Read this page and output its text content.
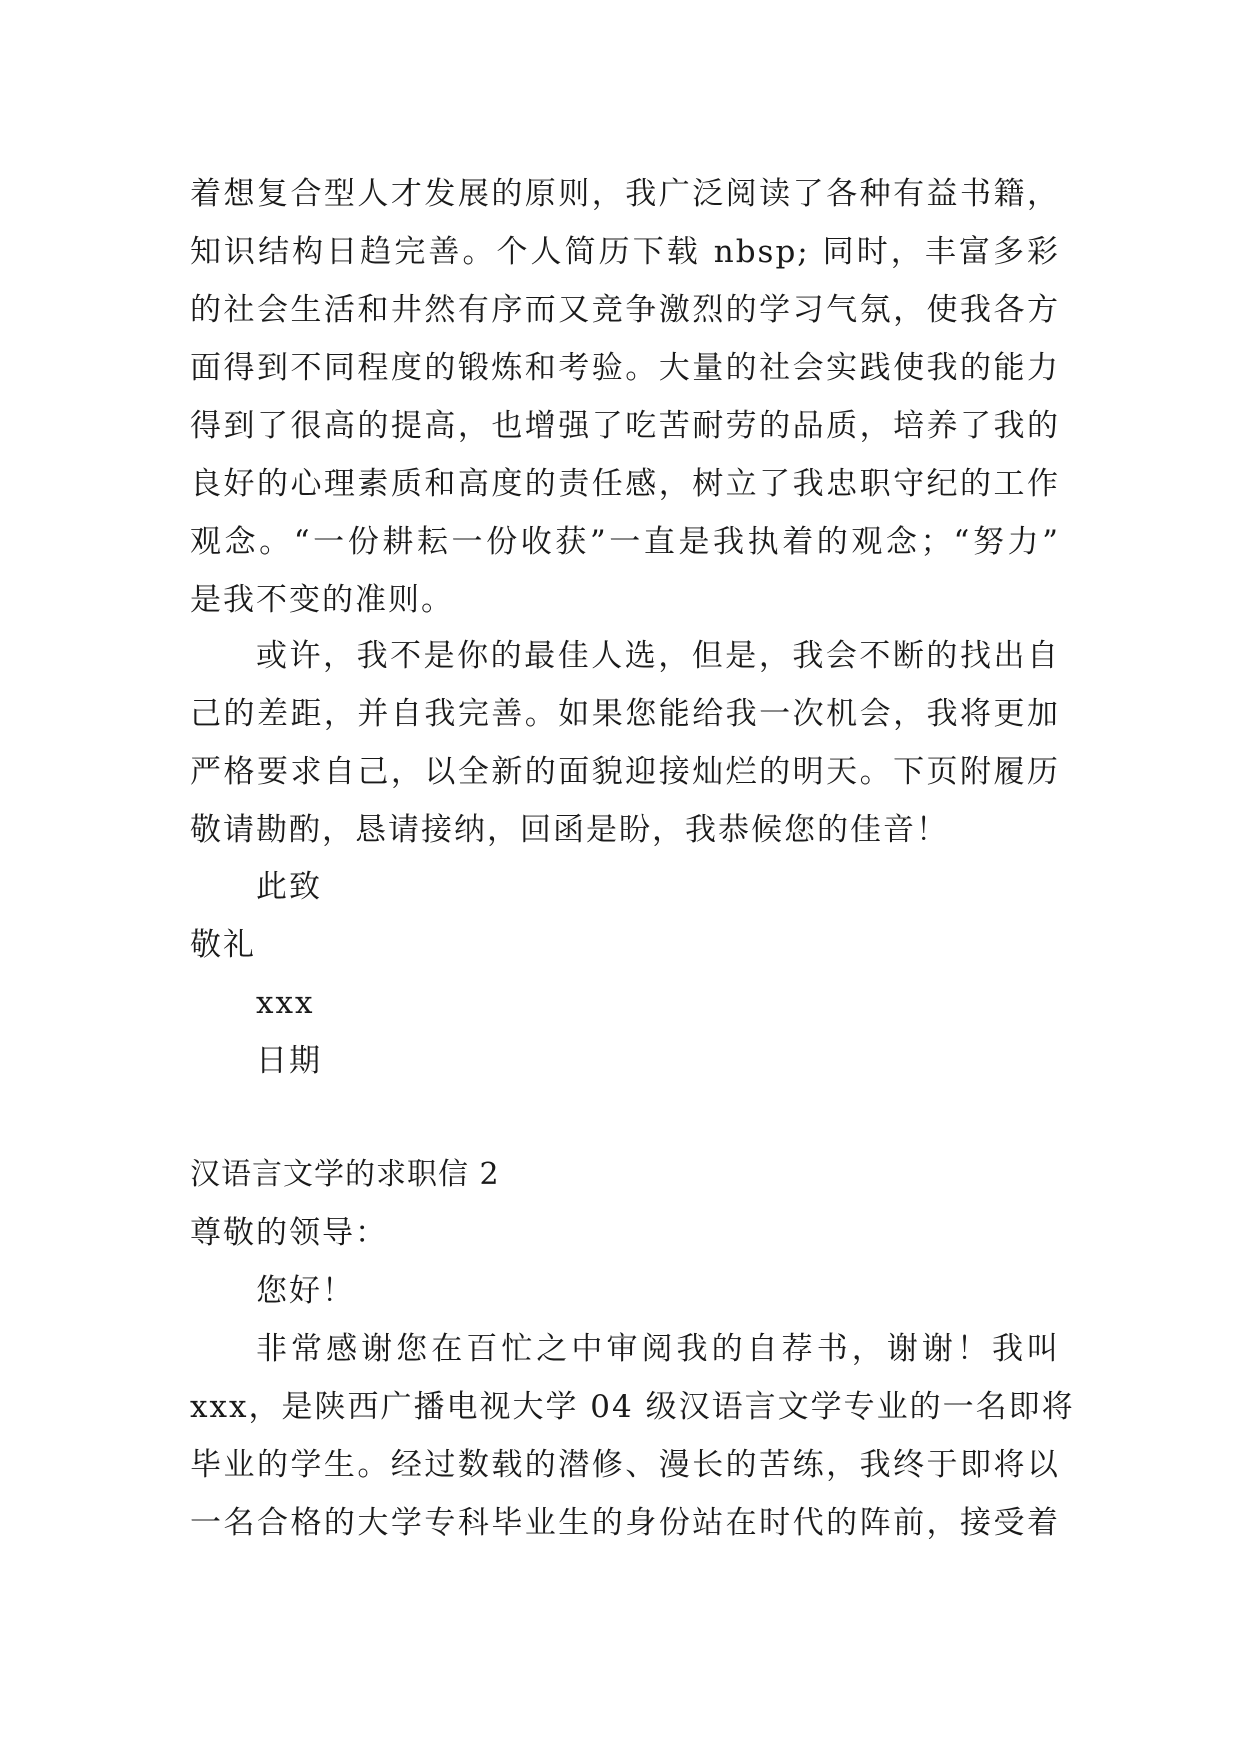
着想复合型人才发展的原则，我广泛阅读了各种有益书籍，
知识结构日趋完善。个人简历下载 nbsp; 同时，丰富多彩
的社会生活和井然有序而又竞争激烈的学习气氛，使我各方
面得到不同程度的锻炼和考验。大量的社会实践使我的能力
得到了很高的提高，也增强了吃苦耐劳的品质，培养了我的
良好的心理素质和高度的责任感，树立了我忠职守纪的工作
观念。“一份耕耘一份收获”一直是我执着的观念；“努力”
是我不变的准则。
或许，我不是你的最佳人选，但是，我会不断的找出自
己的差距，并自我完善。如果您能给我一次机会，我将更加
严格要求自己，以全新的面貌迎接灿烂的明天。下页附履历
敬请勘酌，恳请接纳，回函是盼，我恭候您的佳音！
此致
敬礼
xxx
日期
汉语言文学的求职信 2
尊敬的领导：
您好！
非常感谢您在百忙之中审阅我的自荐书，谢谢！我叫
xxx，是陕西广播电视大学 04 级汉语言文学专业的一名即将
毕业的学生。经过数载的潜修、漫长的苦练，我终于即将以
一名合格的大学专科毕业生的身份站在时代的阵前，接受着
